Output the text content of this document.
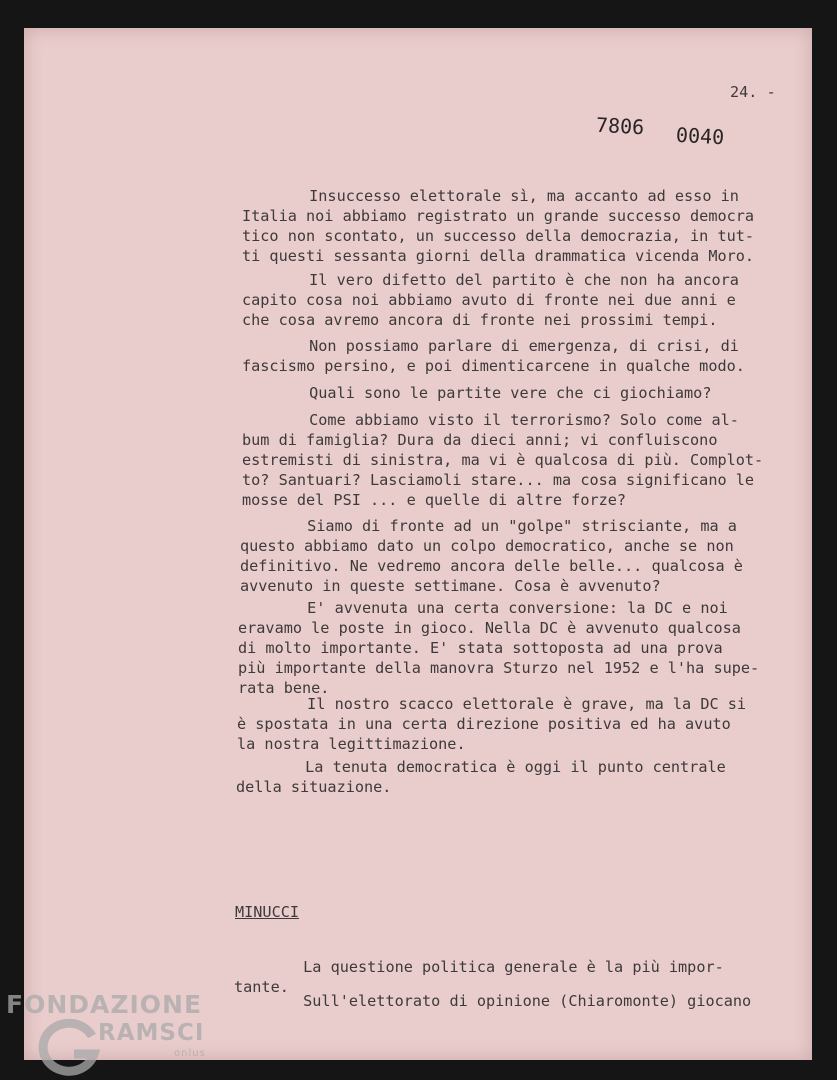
24. -
7806 0040
Insuccesso elettorale sì, ma accanto ad esso in
Italia noi abbiamo registrato un grande successo democra
tico non scontato, un successo della democrazia, in tut-
ti questi sessanta giorni della drammatica vicenda Moro.
Il vero difetto del partito è che non ha ancora
capito cosa noi abbiamo avuto di fronte nei due anni e
che cosa avremo ancora di fronte nei prossimi tempi.
Non possiamo parlare di emergenza, di crisi, di
fascismo persino, e poi dimenticarcene in qualche modo.
Quali sono le partite vere che ci giochiamo?
Come abbiamo visto il terrorismo? Solo come al-
bum di famiglia? Dura da dieci anni; vi confluiscono
estremisti di sinistra, ma vi è qualcosa di più. Complot-
to? Santuari? Lasciamoli stare... ma cosa significano le
mosse del PSI ... e quelle di altre forze?
Siamo di fronte ad un "golpe" strisciante, ma a
questo abbiamo dato un colpo democratico, anche se non
definitivo. Ne vedremo ancora delle belle... qualcosa è
avvenuto in queste settimane. Cosa è avvenuto?
E' avvenuta una certa conversione: la DC e noi
eravamo le poste in gioco. Nella DC è avvenuto qualcosa
di molto importante. E' stata sottoposta ad una prova
più importante della manovra Sturzo nel 1952 e l'ha supe-
rata bene.
Il nostro scacco elettorale è grave, ma la DC si
è spostata in una certa direzione positiva ed ha avuto
la nostra legittimazione.
La tenuta democratica è oggi il punto centrale
della situazione.
MINUCCI
La questione politica generale è la più impor-
tante.
Sull'elettorato di opinione (Chiaromonte) giocano
FONDAZIONE
RAMSCI
onlus
